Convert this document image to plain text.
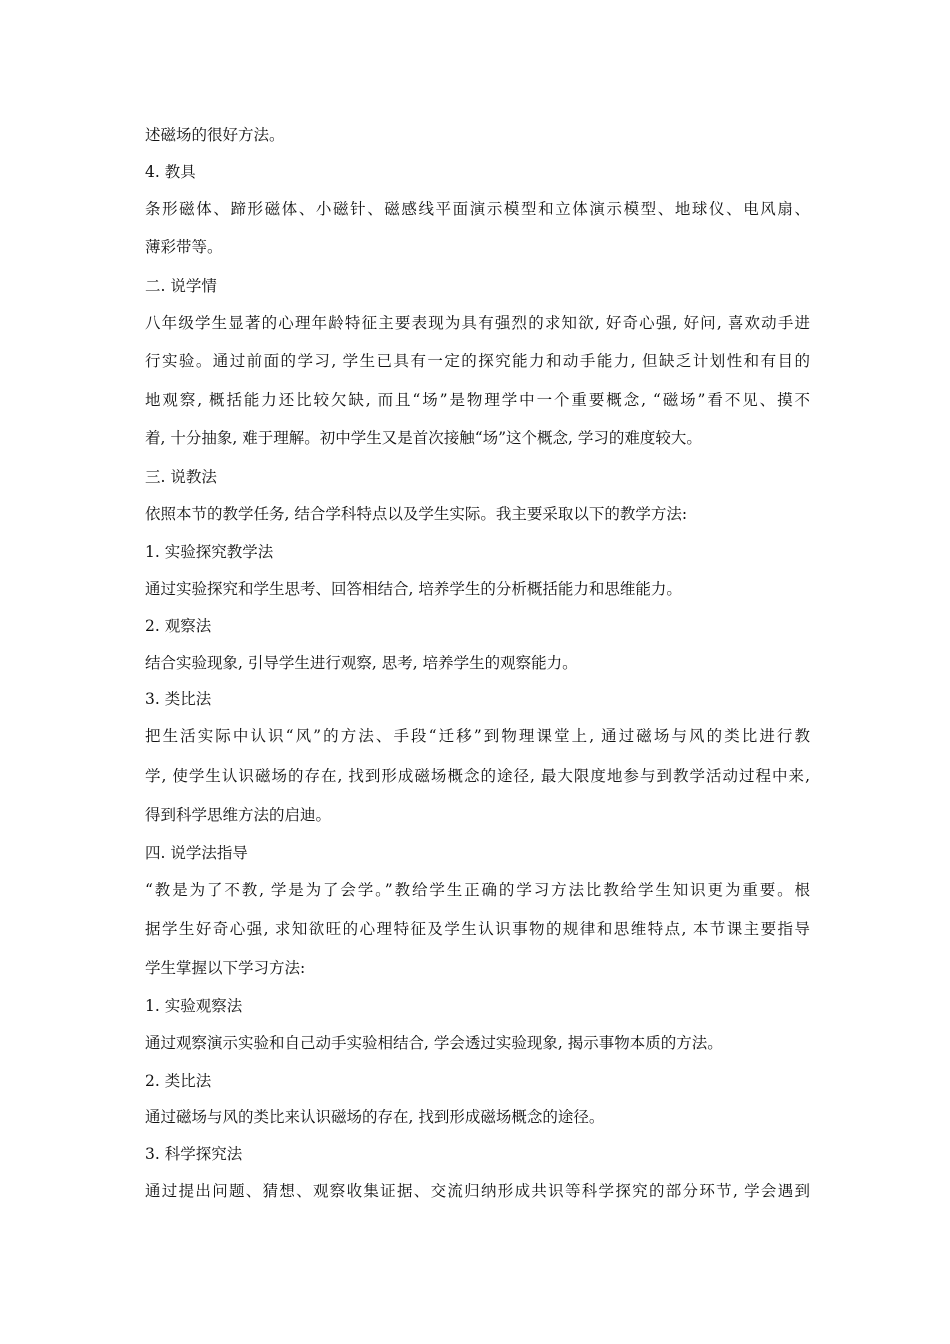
述磁场的很好方法。
4. 教具
条形磁体、蹄形磁体、小磁针、磁感线平面演示模型和立体演示模型、地球仪、电风扇、
薄彩带等。
二. 说学情
八年级学生显著的心理年龄特征主要表现为具有强烈的求知欲, 好奇心强, 好问, 喜欢动手进
行实验。通过前面的学习, 学生已具有一定的探究能力和动手能力, 但缺乏计划性和有目的
地观察, 概括能力还比较欠缺, 而且“场”是物理学中一个重要概念, “磁场”看不见、摸不
着, 十分抽象, 难于理解。初中学生又是首次接触“场”这个概念, 学习的难度较大。
三. 说教法
依照本节的教学任务, 结合学科特点以及学生实际。我主要采取以下的教学方法:
1. 实验探究教学法
通过实验探究和学生思考、回答相结合, 培养学生的分析概括能力和思维能力。
2. 观察法
结合实验现象, 引导学生进行观察, 思考, 培养学生的观察能力。
3. 类比法
把生活实际中认识“风”的方法、手段“迁移”到物理课堂上, 通过磁场与风的类比进行教
学, 使学生认识磁场的存在, 找到形成磁场概念的途径, 最大限度地参与到教学活动过程中来,
得到科学思维方法的启迪。
四. 说学法指导
“教是为了不教, 学是为了会学。”教给学生正确的学习方法比教给学生知识更为重要。根
据学生好奇心强, 求知欲旺的心理特征及学生认识事物的规律和思维特点, 本节课主要指导
学生掌握以下学习方法:
1. 实验观察法
通过观察演示实验和自己动手实验相结合, 学会透过实验现象, 揭示事物本质的方法。
2. 类比法
通过磁场与风的类比来认识磁场的存在, 找到形成磁场概念的途径。
3. 科学探究法
通过提出问题、猜想、观察收集证据、交流归纳形成共识等科学探究的部分环节, 学会遇到
